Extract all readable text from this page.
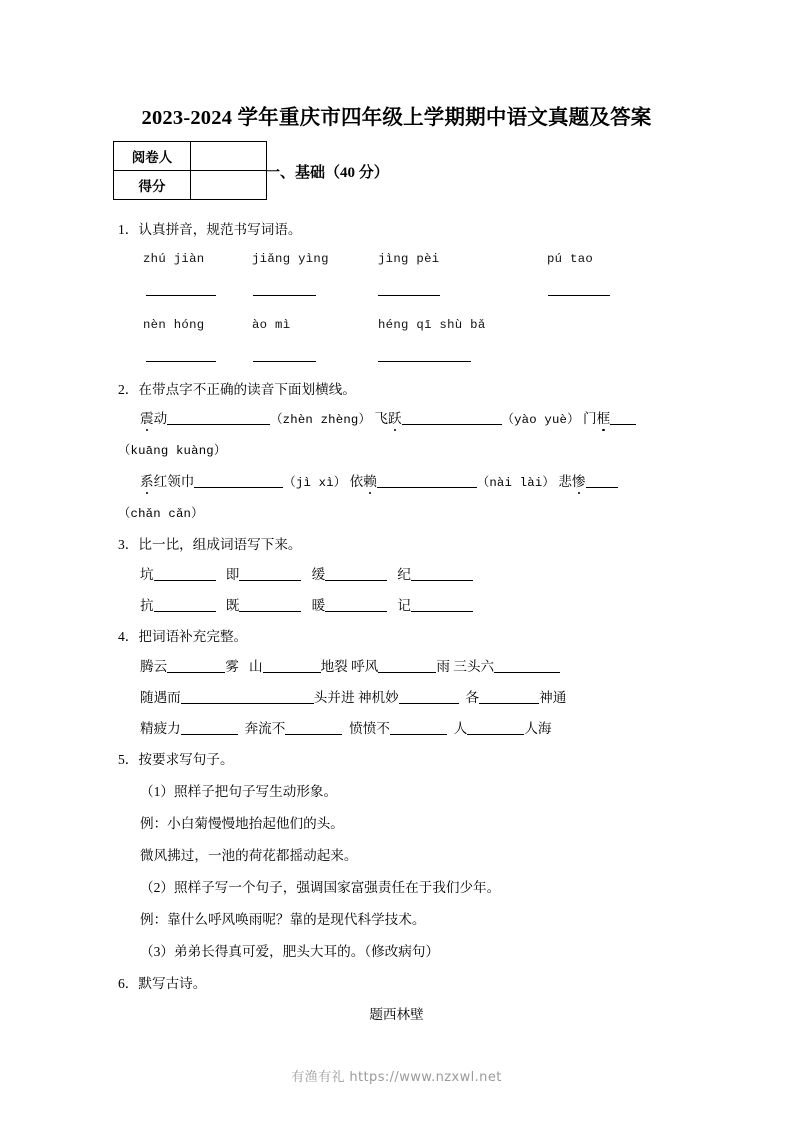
2023-2024 学年重庆市四年级上学期期中语文真题及答案
阅卷人	
得分	
一、基础（40 分）
1．认真拼音，规范书写词语。
zhú jiàn	jiǎng yìng	jìng pèi	pú tao
nèn hóng	ào mì	héng qī shù bǎ
2．在带点字不正确的读音下面划横线。
震动	（zhèn zhèng） 飞跃	（yào yuè） 门框
（kuāng kuàng）
系红领巾	（jì xì） 依赖	（nài lài） 悲惨
（chǎn cǎn）
3．比一比，组成词语写下来。
坑	即	缓	纪
抗	既	暖	记
4．把词语补充完整。
腾云	雾 山	地裂 呼风	雨 三头六
随遇而	头并进 神机妙	各	神通
精疲力	奔流不	愤愤不	人	人海
5．按要求写句子。
（1）照样子把句子写生动形象。
例：小白菊慢慢地抬起他们的头。
微风拂过，一池的荷花都摇动起来。
（2）照样子写一个句子，强调国家富强责任在于我们少年。
例：靠什么呼风唤雨呢？靠的是现代科学技术。
（3）弟弟长得真可爱，肥头大耳的。（修改病句）
6．默写古诗。
题西林壁
有渔有礼 https://www.nzxwl.net
